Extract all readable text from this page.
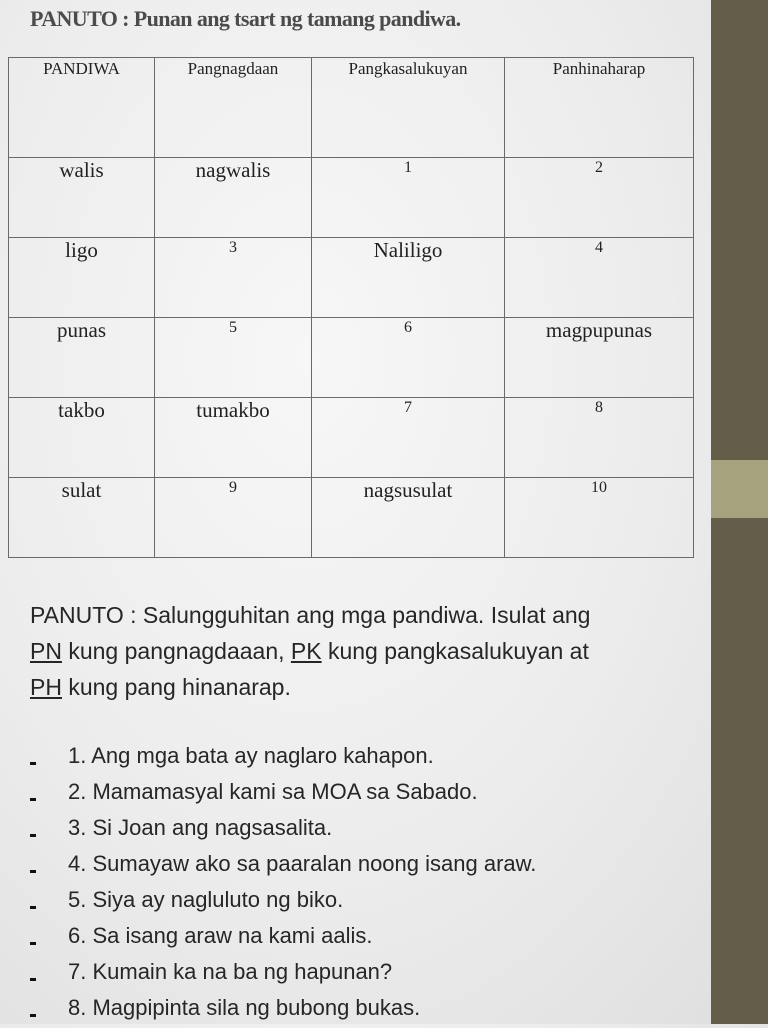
PANUTO : Punan ang tsart ng tamang pandiwa.
PANDIWA	Pangnagdaan	Pangkasalukuyan	Panhinaharap
walis	nagwalis	1	2
ligo	3	Naliligo	4
punas	5	6	magpupunas
takbo	tumakbo	7	8
sulat	9	nagsusulat	10
PANUTO : Salungguhitan ang mga pandiwa. Isulat ang
PN kung pangnagdaaan, PK kung pangkasalukuyan at
PH kung pang hinanarap.
1. Ang mga bata ay naglaro kahapon.
2. Mamamasyal kami sa MOA sa Sabado.
3. Si Joan ang nagsasalita.
4. Sumayaw ako sa paaralan noong isang araw.
5. Siya ay nagluluto ng biko.
6. Sa isang araw na kami aalis.
7. Kumain ka na ba ng hapunan?
8. Magpipinta sila ng bubong bukas.
